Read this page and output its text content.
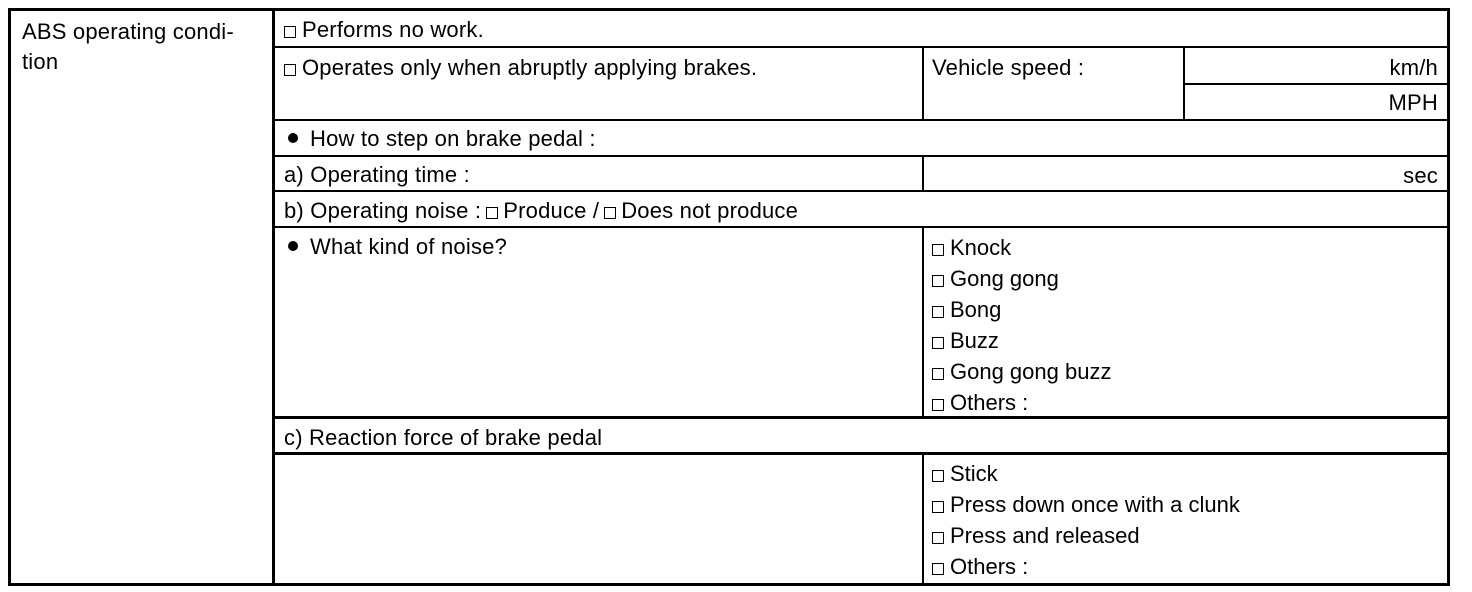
ABS operating condi-
tion
Performs no work.
Operates only when abruptly applying brakes.	Vehicle speed :	km/h
MPH
How to step on brake pedal :
a) Operating time :	sec
b) Operating noise : Produce / Does not produce
What kind of noise?	Knock
Gong gong
Bong
Buzz
Gong gong buzz
Others :
c) Reaction force of brake pedal
Stick
Press down once with a clunk
Press and released
Others :
